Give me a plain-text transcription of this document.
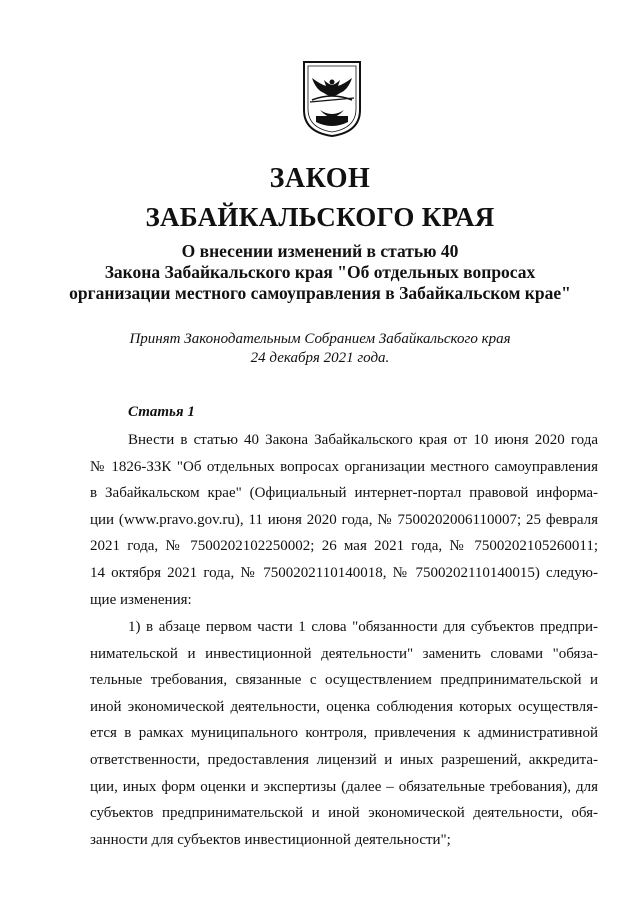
ЗАКОН
ЗАБАЙКАЛЬСКОГО КРАЯ
О внесении изменений в статью 40
Закона Забайкальского края "Об отдельных вопросах
организации местного самоуправления в Забайкальском крае"
Принят Законодательным Собранием Забайкальского края
24 декабря 2021 года.
Статья 1
Внести в статью 40 Закона Забайкальского края от 10 июня 2020 года
№ 1826-ЗЗК "Об отдельных вопросах организации местного самоуправления
в Забайкальском крае" (Официальный интернет-портал правовой информа-
ции (www.pravo.gov.ru), 11 июня 2020 года, № 7500202006110007; 25 февраля
2021 года, № 7500202102250002; 26 мая 2021 года, № 7500202105260011;
14 октября 2021 года, № 7500202110140018, № 7500202110140015) следую-
щие изменения:
1) в абзаце первом части 1 слова "обязанности для субъектов предпри-
нимательской и инвестиционной деятельности" заменить словами "обяза-
тельные требования, связанные с осуществлением предпринимательской и
иной экономической деятельности, оценка соблюдения которых осуществля-
ется в рамках муниципального контроля, привлечения к административной
ответственности, предоставления лицензий и иных разрешений, аккредита-
ции, иных форм оценки и экспертизы (далее – обязательные требования), для
субъектов предпринимательской и иной экономической деятельности, обя-
занности для субъектов инвестиционной деятельности";
